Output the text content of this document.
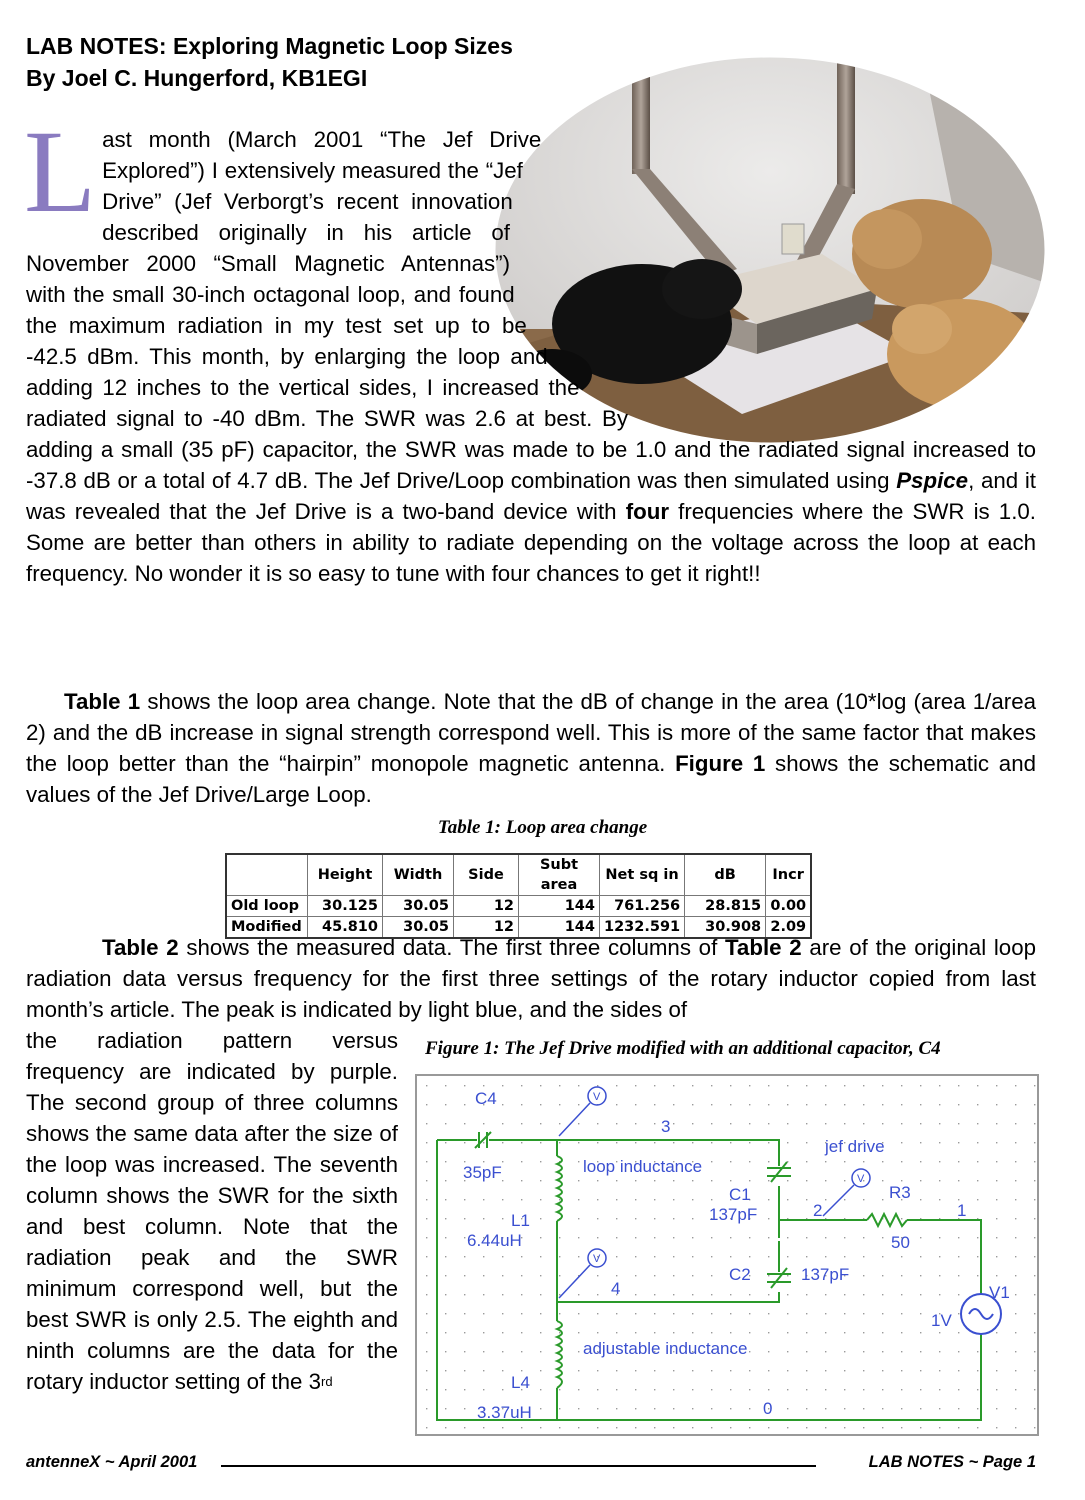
LAB NOTES: Exploring Magnetic Loop Sizes
By Joel C. Hungerford, KB1EGI
Last month (March 2001 “The Jef Drive Explored”) I extensively measured the “Jef Drive” (Jef Verborgt’s recent innovation described originally in his article of November 2000 “Small Magnetic Antennas”) with the small 30-inch octagonal loop, and found the maximum radiation in my test set up to be -42.5 dBm. This month, by enlarging the loop and adding 12 inches to the vertical sides, I increased the radiated signal to -40 dBm. The SWR was 2.6 at best. By adding a small (35 pF) capacitor, the SWR was made to be 1.0 and the radiated signal increased to -37.8 dB or a total of 4.7 dB. The Jef Drive/Loop combination was then simulated using Pspice, and it was revealed that the Jef Drive is a two-band device with four frequencies where the SWR is 1.0. Some are better than others in ability to radiate depending on the voltage across the loop at each frequency. No wonder it is so easy to tune with four chances to get it right!!
Table 1 shows the loop area change. Note that the dB of change in the area (10*log (area 1/area 2) and the dB increase in signal strength correspond well. This is more of the same factor that makes the loop better than the “hairpin” monopole magnetic antenna. Figure 1 shows the schematic and values of the Jef Drive/Large Loop.
Table 1: Loop area change
	Height	Width	Side	Subt area	Net sq in	dB	Incr
Old loop	30.125	30.05	12	144	761.256	28.815	0.00
Modified	45.810	30.05	12	144	1232.591	30.908	2.09
Table 2 shows the measured data. The first three columns of Table 2 are of the original loop radiation data versus frequency for the first three settings of the rotary inductor copied from last month’s article. The peak is indicated by light blue, and the sides of
the radiation pattern versus frequency are indicated by purple. The second group of three columns shows the same data after the size of the loop was increased. The seventh column shows the SWR for the sixth and best column. Note that the radiation peak and the SWR minimum correspond well, but the best SWR is only 2.5. The eighth and ninth columns are the data for the rotary inductor setting of the 3rd
Figure 1: The Jef Drive modified with an additional capacitor, C4
V
V
V
C4
35pF
3
loop inductance
jef drive
R3
50
1
2
C1
137pF
C2	137pF
L1
6.44uH
4	V1
1V
adjustable inductance
L4
3.37uH	0
antenneX ~ April 2001	LAB NOTES ~ Page 1
